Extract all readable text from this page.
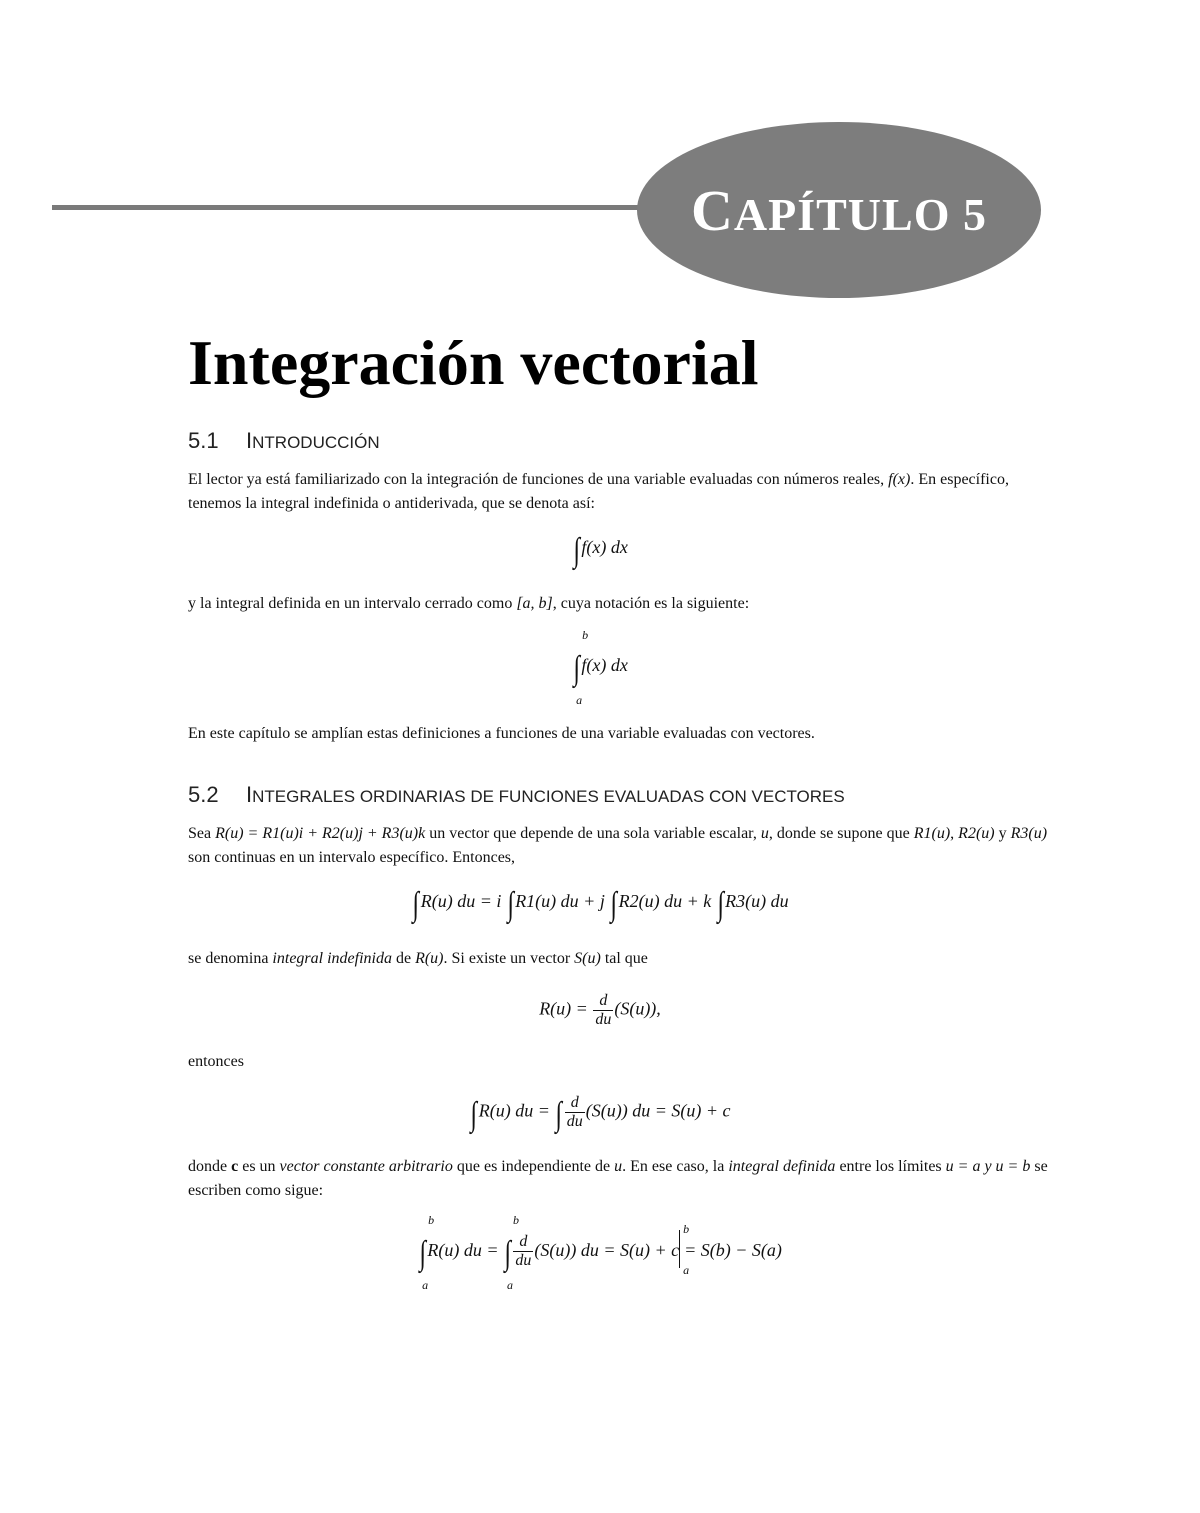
CAPÍTULO 5
Integración vectorial
5.1 INTRODUCCIÓN

El lector ya está familiarizado con la integración de funciones de una variable evaluadas con números reales, f(x). En específico, tenemos la integral indefinida o antiderivada, que se denota así:

∫f(x) dx

y la integral definida en un intervalo cerrado como [a, b], cuya notación es la siguiente:

b
∫
a
f(x) dx

En este capítulo se amplían estas definiciones a funciones de una variable evaluadas con vectores.

5.2 INTEGRALES ORDINARIAS DE FUNCIONES EVALUADAS CON VECTORES

Sea R(u) = R1(u)i + R2(u)j + R3(u)k un vector que depende de una sola variable escalar, u, donde se supone que R1(u), R2(u) y R3(u) son continuas en un intervalo específico. Entonces,

∫R(u) du = i ∫R1(u) du + j ∫R2(u) du + k ∫R3(u) du

se denomina integral indefinida de R(u). Si existe un vector S(u) tal que

$R(u) = \frac{d}{du} (S(u))$,

entonces

∫R(u) du = ∫ $\frac{d}{du} (S(u))$ du = S(u) + c

donde c es un vector constante arbitrario que es independiente de u. En ese caso, la integral definida entre los límites u = a y u = b se escriben como sigue:

b
∫
a
R(u) du =
b
∫
a
$\frac{d}{du} (S(u))$ du = S(u) + c
b
a
= S(b) − S(a)
